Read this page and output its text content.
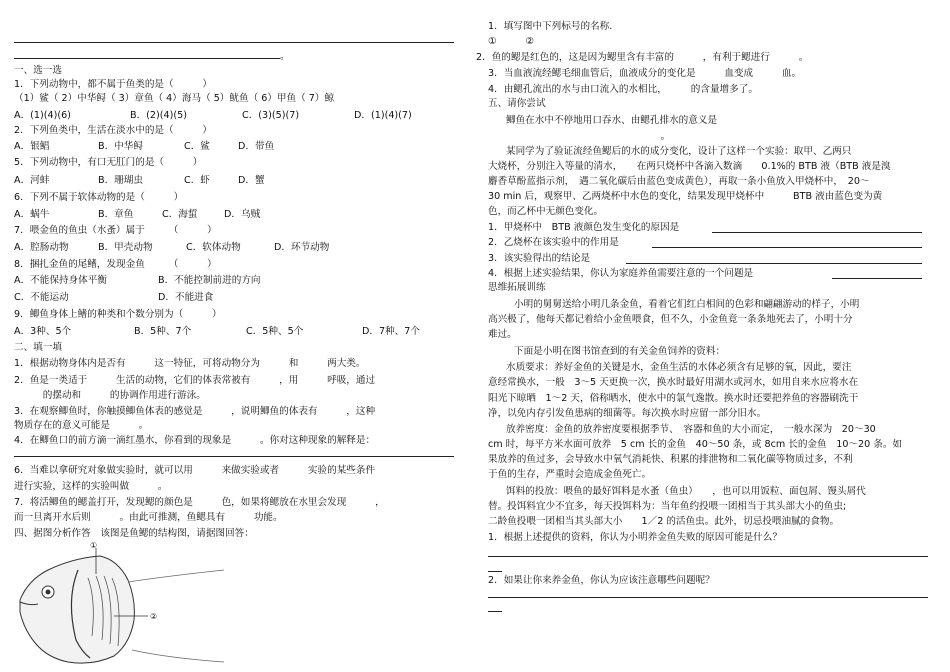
。
一、选一选
1．下列动物中，都不属于鱼类的是（　　　）
（1）鲨（ 2）中华鲟（ 3）章鱼（ 4）海马（ 5）鱿鱼（ 6）甲鱼（ 7）鲸
A．(1)(4)(6)	B．(2)(4)(5)	C．(3)(5)(7)	D．(1)(4)(7)
2．下列鱼类中，生活在淡水中的是（　　　）
A．银鲳	B．中华鲟	C．鲨	D．带鱼
5．下列动物中，有口无肛门的是（　　　）
A．河蚌	B．珊瑚虫	C．虾	D．蟹
6．下列不属于软体动物的是（　　　）
A．蜗牛	B．章鱼	C．海蜇	D．乌贼
7．喂金鱼的鱼虫（水蚤）属于　　　（　　　）
A．腔肠动物	B．甲壳动物	C．软体动物	D．环节动物
8．捆扎金鱼的尾鳍，发现金鱼　　　（　　　）
A．不能保持身体平衡	B．不能控制前进的方向
C．不能运动	D．不能进食
9．鲫鱼身体上鳍的种类和个数分别为（　　　）
A．3种、5个	B．5种、7个	C．5种、5个	D．7种、7个
二、填一填
1．根据动物身体内是否有　　　这一特征，可将动物分为　　　和　　　两大类。
2．鱼是一类适于　　　生活的动物，它们的体表常被有　　　，用　　　呼吸，通过
　　　的摆动和　　　的协调作用进行游泳。
3．在观察鲫鱼时，你触摸鲫鱼体表的感觉是　　　，说明鲫鱼的体表有　　　，这种
物质存在的意义可能是　　　。
4．在鲫鱼口的前方滴一滴红墨水，你看到的现象是　　　。你对这种现象的解释是：
6．当难以拿研究对象做实验时，就可以用　　　来做实验或者　　　实验的某些条件
进行实验，这样的实验叫做　　　。
7．将活鲫鱼的鳃盖打开，发现鳃的颜色是　　　色，如果将鳃放在水里会发现　　　，
而一旦离开水后则　　　。由此可推测，鱼鳃具有　　　功能。
四、据图分析作答　该图是鱼鳃的结构图，请据图回答：
①
②
1．填写图中下列标号的名称．
①　　　②　　　
2．鱼的鳃是红色的，这是因为鳃里含有丰富的　　　，有利于鳃进行　　　。
3．当血液流经鳃毛细血管后，血液成分的变化是　　　血变成　　　血。
4．由鳃孔流出的水与由口流入的水相比，　　　的含量增多了。
五、请你尝试
鲫鱼在水中不停地用口吞水、由鳃孔排水的意义是
　　　　　　　　　　　　　　　　　　。
某同学为了验证流经鱼鳃后的水的成分变化，设计了这样一个实验：取甲、乙两只
大烧杯，分别注入等量的清水，　　在两只烧杯中各滴入数滴　　0.1%的 BTB 液（BTB 液是溴
麝香草酚蓝指示剂，　遇二氧化碳后由蓝色变成黄色），再取一条小鱼放入甲烧杯中，　20～
30 min 后，观察甲、乙两烧杯中水色的变化，结果发现甲烧杯中　　　BTB 液由蓝色变为黄
色，而乙杯中无颜色变化。
1．甲烧杯中　BTB 液颜色发生变化的原因是
2．乙烧杯在该实验中的作用是
3．该实验得出的结论是
4．根据上述实验结果，你认为家庭养鱼需要注意的一个问题是
思维拓展训练
小明的舅舅送给小明几条金鱼，看着它们红白相间的色彩和翩翩游动的样子，小明
高兴极了，他每天都记着给小金鱼喂食，但不久，小金鱼竟一条条地死去了，小明十分
难过。
下面是小明在图书馆查到的有关金鱼饲养的资料：
水质要求：养好金鱼的关键是水，金鱼生活的水体必须含有足够的氧，因此，要注
意经常换水，一般　3～5 天更换一次，换水时最好用湖水或河水，如用自来水应将水在
阳光下晾晒　1～2 天，俗称晒水，使水中的氯气逸散。换水时还要把养鱼的容器刷洗干
净，以免内存引发鱼患病的细菌等。每次换水时应留一部分旧水。
放养密度：金鱼的放养密度要根据季节、　容器和鱼的大小而定，　一般水深为　20～30
cm 时，每平方米水面可放养　5 cm 长的金鱼　40～50 条，或 8cm 长的金鱼　10～20 条。如
果放养的鱼过多，会导致水中氧气消耗快、积累的排泄物和二氧化碳等物质过多，不利
于鱼的生存，严重时会造成金鱼死亡。
饵料的投放：喂鱼的最好饵料是水蚤（鱼虫）　　，也可以用饭粒、面包屑、馒头屑代
替。投饵料宜少不宜多，每天投饵料为：当年鱼约投喂一团相当于其头部大小的鱼虫;
二龄鱼投喂一团相当其头部大小　　1／2 的活鱼虫。此外，切忌投喂油腻的食物。
1．根据上述提供的资料，你认为小明养金鱼失败的原因可能是什么？
2．如果让你来养金鱼，你认为应该注意哪些问题呢？
